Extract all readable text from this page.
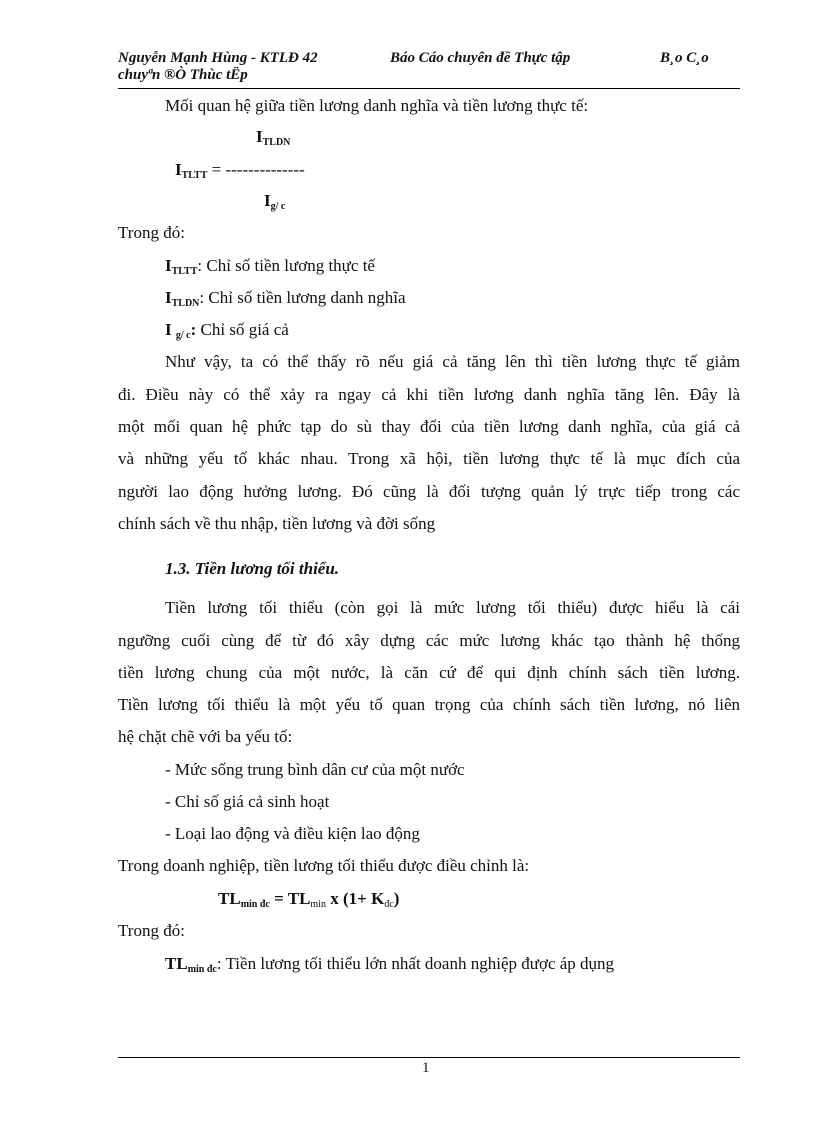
Nguyễn Mạnh Hùng - KTLĐ 42	Báo Cáo chuyên đề Thực tập	B¸o C¸o
chuyªn ®Ò Thùc tËp
Mối quan hệ giữa tiền lương danh nghĩa và tiền lương thực tế:
$I_{TLDN}$
$I_{TLTT}$ = --------------
$I_{g/ c}$
Trong đó:
$I_{TLTT}$: Chỉ số tiền lương thực tế
$I_{TLDN}$: Chỉ số tiền lương danh nghĩa
I $_{g/ c}$: Chỉ số giá cả
Như vậy, ta có thể thấy rõ nếu giá cả tăng lên thì tiền lương thực tế giảm
đi. Điều này có thể xảy ra ngay cả khi tiền lương danh nghĩa tăng lên. Đây là
một mối quan hệ phức tạp do sù thay đổi của tiền lương danh nghĩa, của giá cả
và những yếu tố khác nhau. Trong xã hội, tiền lương thực tế là mục đích của
người lao động hưởng lương. Đó cũng là đối tượng quản lý trực tiếp trong các
chính sách về thu nhập, tiền lương và đời sống
1.3. Tiền lương tối thiểu.
Tiền lương tối thiểu (còn gọi là mức lương tối thiểu) được hiểu là cái
ngưỡng cuối cùng để từ đó xây dựng các mức lương khác tạo thành hệ thống
tiền lương chung của một nước, là căn cứ để qui định chính sách tiền lương.
Tiền lương tối thiểu là một yếu tố quan trọng của chính sách tiền lương, nó liên
hệ chặt chẽ với ba yếu tố:
- Mức sống trung bình dân cư của một nước
- Chỉ số giá cả sinh hoạt
- Loại lao động và điều kiện lao động
Trong doanh nghiệp, tiền lương tối thiểu được điều chỉnh là:
$TL_{min đc} = TL_{min}$ x $(1+ K_{đc})$
Trong đó:
$TL_{min đc}$: Tiền lương tối thiểu lớn nhất doanh nghiệp được áp dụng
1
